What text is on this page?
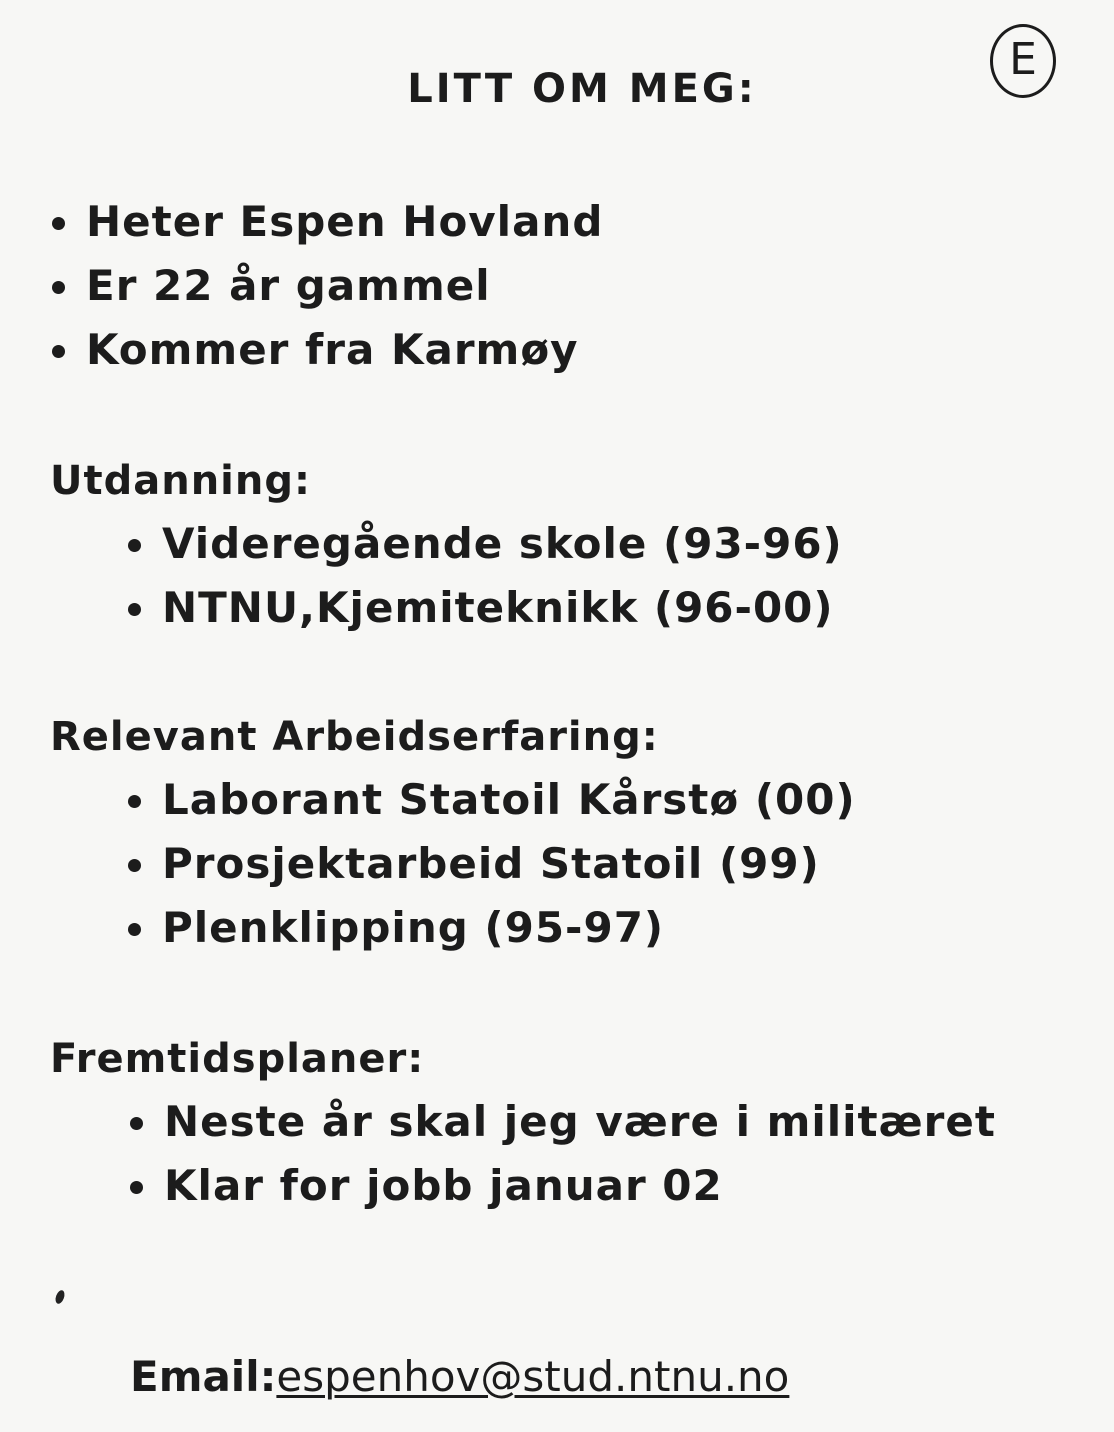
LITT OM MEG:
E
Heter Espen Hovland
Er 22 år gammel
Kommer fra Karmøy
Utdanning:
Videregående skole (93-96)
NTNU,Kjemiteknikk (96-00)
Relevant Arbeidserfaring:
Laborant Statoil Kårstø (00)
Prosjektarbeid Statoil (99)
Plenklipping (95-97)
Fremtidsplaner:
Neste år skal jeg være i militæret
Klar for jobb januar 02
Email:espenhov@stud.ntnu.no
